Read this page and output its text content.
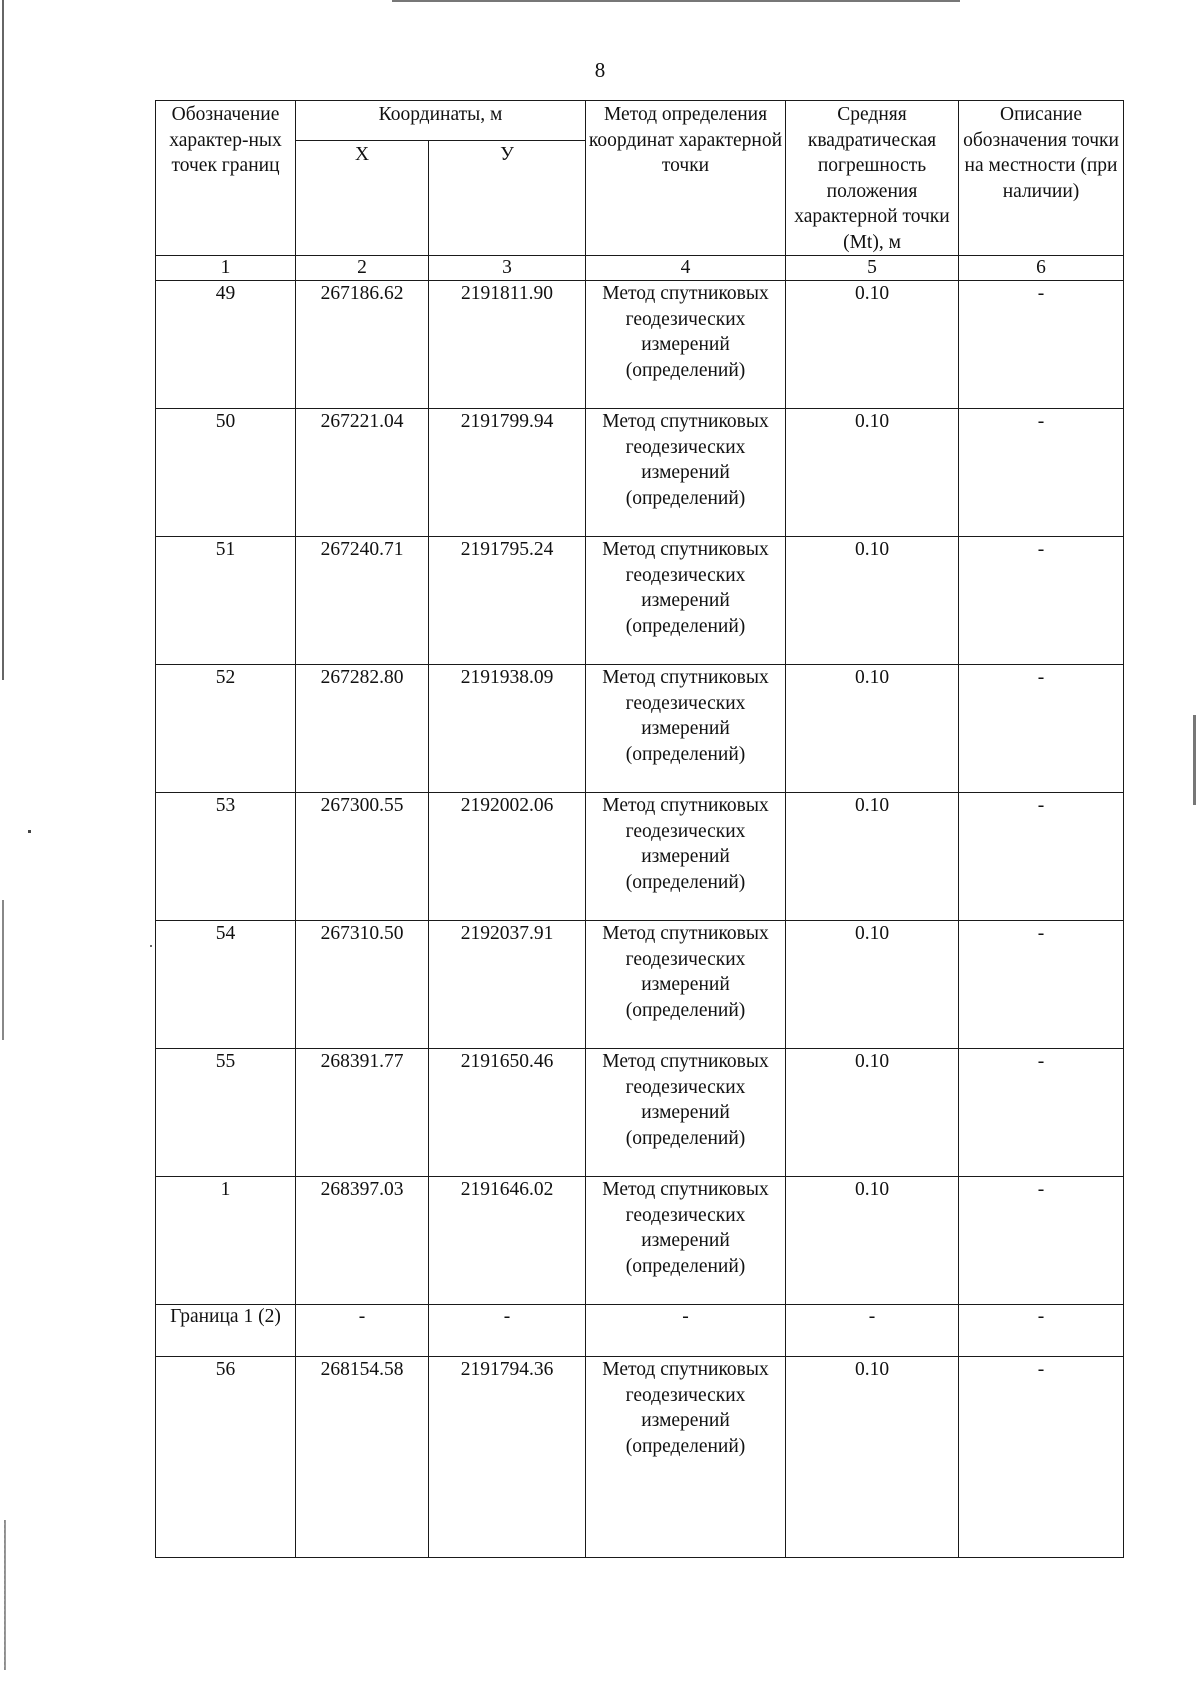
8
Обозначение характер-ных точек границ	Координаты, м		Метод определения координат характерной точки	Средняя квадратическая погрешность положения характерной точки (Mt), м	Описание обозначения точки на местности (при наличии)

	X	У			
1	2	3	4	5	6
49	267186.62	2191811.90	Метод спутниковых геодезических измерений (определений)	0.10	-
50	267221.04	2191799.94	Метод спутниковых геодезических измерений (определений)	0.10	-
51	267240.71	2191795.24	Метод спутниковых геодезических измерений (определений)	0.10	-
52	267282.80	2191938.09	Метод спутниковых геодезических измерений (определений)	0.10	-
53	267300.55	2192002.06	Метод спутниковых геодезических измерений (определений)	0.10	-
54	267310.50	2192037.91	Метод спутниковых геодезических измерений (определений)	0.10	-
55	268391.77	2191650.46	Метод спутниковых геодезических измерений (определений)	0.10	-
1	268397.03	2191646.02	Метод спутниковых геодезических измерений (определений)	0.10	-
Граница 1 (2)	-	-	-	-	-
56	268154.58	2191794.36	Метод спутниковых геодезических измерений (определений)	0.10	-
